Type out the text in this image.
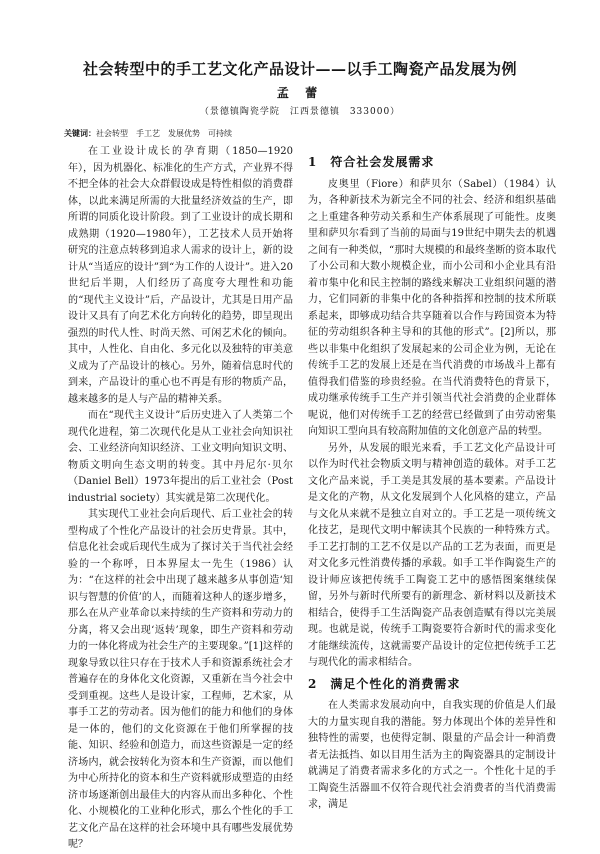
社会转型中的手工艺文化产品设计——以手工陶瓷产品发展为例
孟 蕾
（景德镇陶瓷学院　江西景德镇　333000）
关键词：社会转型　手工艺　发展优势　可持续

在工业设计成长的孕育期（1850—1920年），因为机器化、标准化的生产方式，产业界不得不把全体的社会大众群假设成是特性相似的消费群体，以此来满足所需的大批量经济效益的生产，即所谓的同质化设计阶段。到了工业设计的成长期和成熟期（1920—1980年），工艺技术人员开始将研究的注意点转移到追求人需求的设计上，新的设计从“当适应的设计”到“为工作的人设计”。进入20世纪后半期，人们经历了高度夸大理性和功能的“现代主义设计”后，产品设计，尤其是日用产品设计又具有了向艺术化方向转化的趋势，即呈现出强烈的时代人性、时尚天然、可闲艺术化的倾向。其中，人性化、自由化、多元化以及独特的审美意义成为了产品设计的核心。另外，随着信息时代的到来，产品设计的重心也不再是有形的物质产品，越来越多的是人与产品的精神关系。

而在“现代主义设计”后历史进入了人类第二个现代化进程，第二次现代化是从工业社会向知识社会、工业经济向知识经济、工业文明向知识文明、物质文明向生态文明的转变。其中丹尼尔·贝尔（Daniel Bell）1973年提出的后工业社会（Post industrial society）其实就是第二次现代化。

其实现代工业社会向后现代、后工业社会的转型构成了个性化产品设计的社会历史背景。其中，信息化社会或后现代生成为了探讨关于当代社会经验的一个称呼，日本界屋太一先生（1986）认为：“在这样的社会中出现了越来越多从事创造‘知识与智慧的价值’的人，而随着这种人的逐步增多，那么在从产业革命以来持续的生产资料和劳动力的分离，将又会出现‘返转’现象，即生产资料和劳动力的一体化将成为社会生产的主要现象。”[1]这样的现象导致以往只存在于技术人手和资源系统社会才普遍存在的身体化文化资源，又重新在当今社会中受到重视。这些人是设计家，工程师，艺术家，从事手工艺的劳动者。因为他们的能力和他们的身体是一体的，他们的文化资源在于他们所掌握的技能、知识、经验和创造力，而这些资源是一定的经济场内，就会按转化为资本和生产资源，而以他们为中心所持化的资本和生产资料就形成塑造的由经济市场逐渐创出最佳大的内容从而出多种化、个性化、小规模化的工业种化形式，那么个性化的手工艺文化产品在这样的社会环境中具有哪些发展优势呢？

1　符合社会发展需求

皮奥里（Fiore）和萨贝尔（Sabel）（1984）认为，各种新技术为新完全不同的社会、经济和组织基础之上重建各种劳动关系和生产体系展现了可能性。皮奥里和萨贝尔看到了当前的局面与19世纪中期失去的机遇之间有一种类似，“那时大规模的和最终垄断的资本取代了小公司和大数小规模企业，而小公司和小企业具有沿着市集中化和民主控制的路线来解决工业组织问题的潜力，它们同新的非集中化的各种指挥和控制的技术所联系起来，即够成功结合共享随着以合作与跨国资本为特征的劳动组织各种主导和的其他的形式”。[2]所以，那些以非集中化组织了发展起来的公司企业为例，无论在传统手工艺的发展上还是在当代消费的市场战斗上都有值得我们借鉴的珍贵经验。在当代消费特色的背景下，成功继承传统手工生产并引领当代社会消费的企业群体呢说，他们对传统手工艺的经营已经做到了由劳动密集向知识工型向具有较高附加值的文化创意产品的转型。

另外，从发展的眼光来看，手工艺文化产品设计可以作为时代社会物质文明与精神创造的载体。对手工艺文化产品来说，手工美是其发展的基本要素。产品设计是文化的产物，从文化发展到个人化风格的建立，产品与文化从来就不是独立自对立的。手工艺是一项传统文化技艺，是现代文明中解读其个民族的一种特殊方式。手工艺打制的工艺不仅是以产品的工艺为表面，而更是对文化多元性消费传播的承载。如手工半作陶瓷生产的设计师应该把传统手工陶瓷工艺中的感悟图案继续保留，另外与新时代所要有的新理念、新材料以及新技术相结合，使得手工生活陶瓷产品表创造赋有得以完美展现。也就是说，传统手工陶瓷要符合新时代的需求变化才能继续流传，这就需要产品设计的定位把传统手工艺与现代化的需求相结合。

2　满足个性化的消费需求

在人类需求发展动向中，自我实现的价值是人们最大的力量实现自我的潜能。努力体现出个体的差异性和独特性的需要，也使得定制、限量的产品会计一种消费者无法抵挡、如以目用生活为主的陶瓷器具的定制设计就满足了消费者需求多化的方式之一。个性化十足的手工陶瓷生活器皿不仅符合现代社会消费者的当代消费需求，满足
